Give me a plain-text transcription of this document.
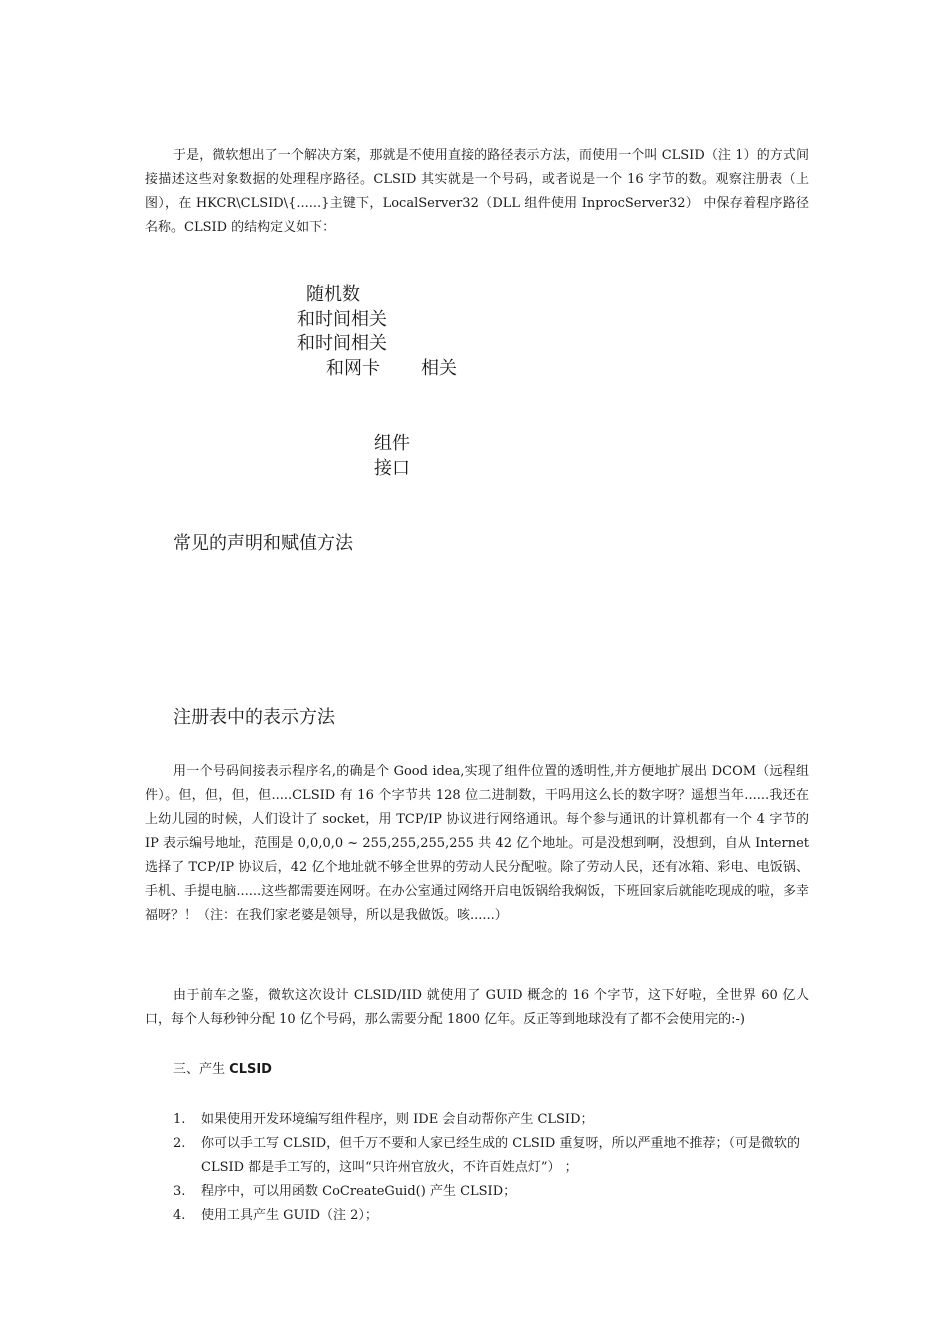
于是，微软想出了一个解决方案，那就是不使用直接的路径表示方法，而使用一个叫 CLSID（注 1）的方式间接描述这些对象数据的处理程序路径。CLSID 其实就是一个号码，或者说是一个 16 字节的数。观察注册表（上图），在 HKCR\CLSID\{......}主键下，LocalServer32（DLL 组件使用 InprocServer32） 中保存着程序路径名称。CLSID 的结构定义如下：

随机数
和时间相关
和时间相关
和网卡 相关
组件
接口
常见的声明和赋值方法
注册表中的表示方法

用一个号码间接表示程序名,的确是个 Good idea,实现了组件位置的透明性,并方便地扩展出 DCOM（远程组件）。但，但，但，但.....CLSID 有 16 个字节共 128 位二进制数，干吗用这么长的数字呀？遥想当年......我还在上幼儿园的时候，人们设计了 socket，用 TCP/IP 协议进行网络通讯。每个参与通讯的计算机都有一个 4 字节的 IP 表示编号地址，范围是 0,0,0,0 ~ 255,255,255,255 共 42 亿个地址。可是没想到啊，没想到，自从 Internet 选择了 TCP/IP 协议后，42 亿个地址就不够全世界的劳动人民分配啦。除了劳动人民，还有冰箱、彩电、电饭锅、手机、手提电脑......这些都需要连网呀。在办公室通过网络开启电饭锅给我焖饭，下班回家后就能吃现成的啦，多幸福呀？！（注：在我们家老婆是领导，所以是我做饭。咳......）

由于前车之鉴，微软这次设计 CLSID/IID 就使用了 GUID 概念的 16 个字节，这下好啦，全世界 60 亿人口，每个人每秒钟分配 10 亿个号码，那么需要分配 1800 亿年。反正等到地球没有了都不会使用完的:-)

三、产生 CLSID
1. 如果使用开发环境编写组件程序，则 IDE 会自动帮你产生 CLSID；
2. 你可以手工写 CLSID，但千万不要和人家已经生成的 CLSID 重复呀，所以严重地不推荐；（可是微软的 CLSID 都是手工写的，这叫“只许州官放火，不许百姓点灯”） ；
3. 程序中，可以用函数 CoCreateGuid() 产生 CLSID；
4. 使用工具产生 GUID（注 2）；
